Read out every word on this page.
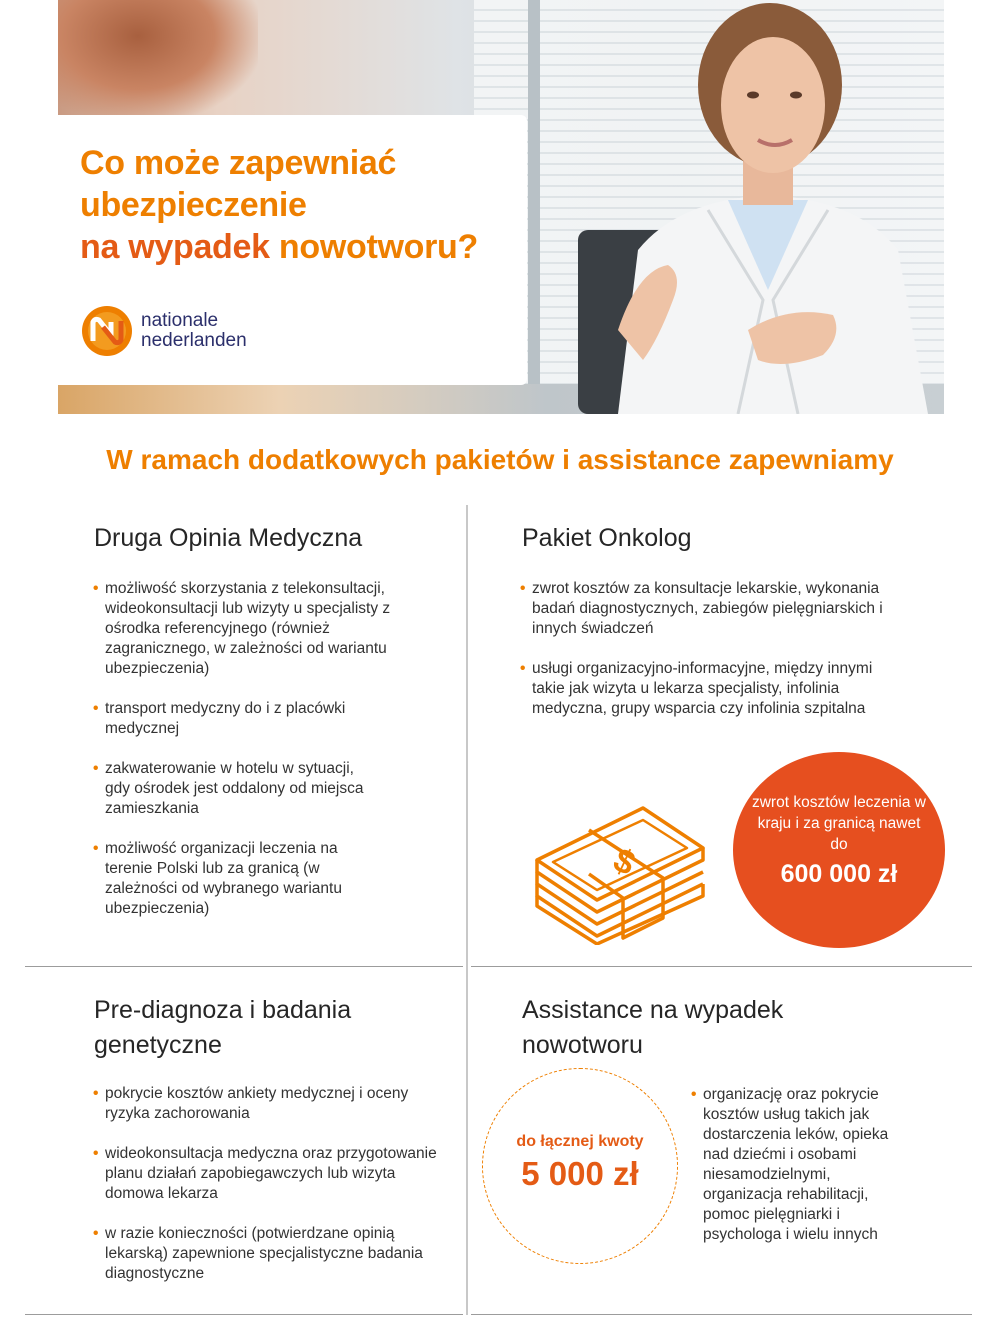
Co może zapewniać
ubezpieczenie
na wypadek nowotworu?
nationale
nederlanden
W ramach dodatkowych pakietów i assistance zapewniamy
Druga Opinia Medyczna
• możliwość skorzystania z telekonsultacji, wideokonsultacji lub wizyty u specjalisty z ośrodka referencyjnego (również zagranicznego, w zależności od wariantu ubezpieczenia)
• transport medyczny do i z placówki medycznej
• zakwaterowanie w hotelu w sytuacji, gdy ośrodek jest oddalony od miejsca zamieszkania
• możliwość organizacji leczenia na terenie Polski lub za granicą (w zależności od wybranego wariantu ubezpieczenia)
Pakiet Onkolog
• zwrot kosztów za konsultacje lekarskie, wykonania badań diagnostycznych, zabiegów pielęgniarskich i innych świadczeń
• usługi organizacyjno-informacyjne, między innymi takie jak wizyta u lekarza specjalisty, infolinia medyczna, grupy wsparcia czy infolinia szpitalna
$
zwrot kosztów leczenia w kraju i za granicą nawet do
600 000 zł
Pre-diagnoza i badania genetyczne
• pokrycie kosztów ankiety medycznej i oceny ryzyka zachorowania
• wideokonsultacja medyczna oraz przygotowanie planu działań zapobiegawczych lub wizyta domowa lekarza
• w razie konieczności (potwierdzane opinią lekarską) zapewnione specjalistyczne badania diagnostyczne
Assistance na wypadek nowotworu
do łącznej kwoty
5 000 zł
• organizację oraz pokrycie kosztów usług takich jak dostarczenia leków, opieka nad dziećmi i osobami niesamodzielnymi, organizacja rehabilitacji, pomoc pielęgniarki i psychologa i wielu innych
